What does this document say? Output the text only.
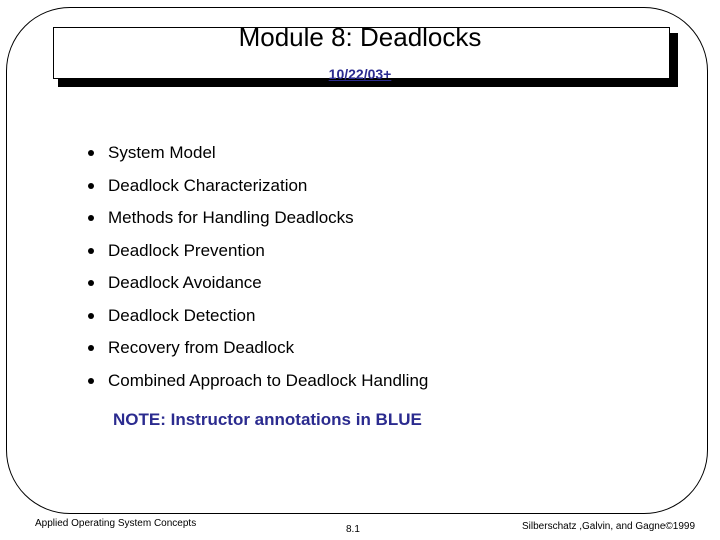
Module 8: Deadlocks
10/22/03+
System Model
Deadlock Characterization
Methods for Handling Deadlocks
Deadlock Prevention
Deadlock Avoidance
Deadlock Detection
Recovery from Deadlock
Combined Approach to Deadlock Handling
NOTE: Instructor annotations in BLUE
Applied Operating System Concepts
8.1	Silberschatz ,Galvin, and Gagne©1999
